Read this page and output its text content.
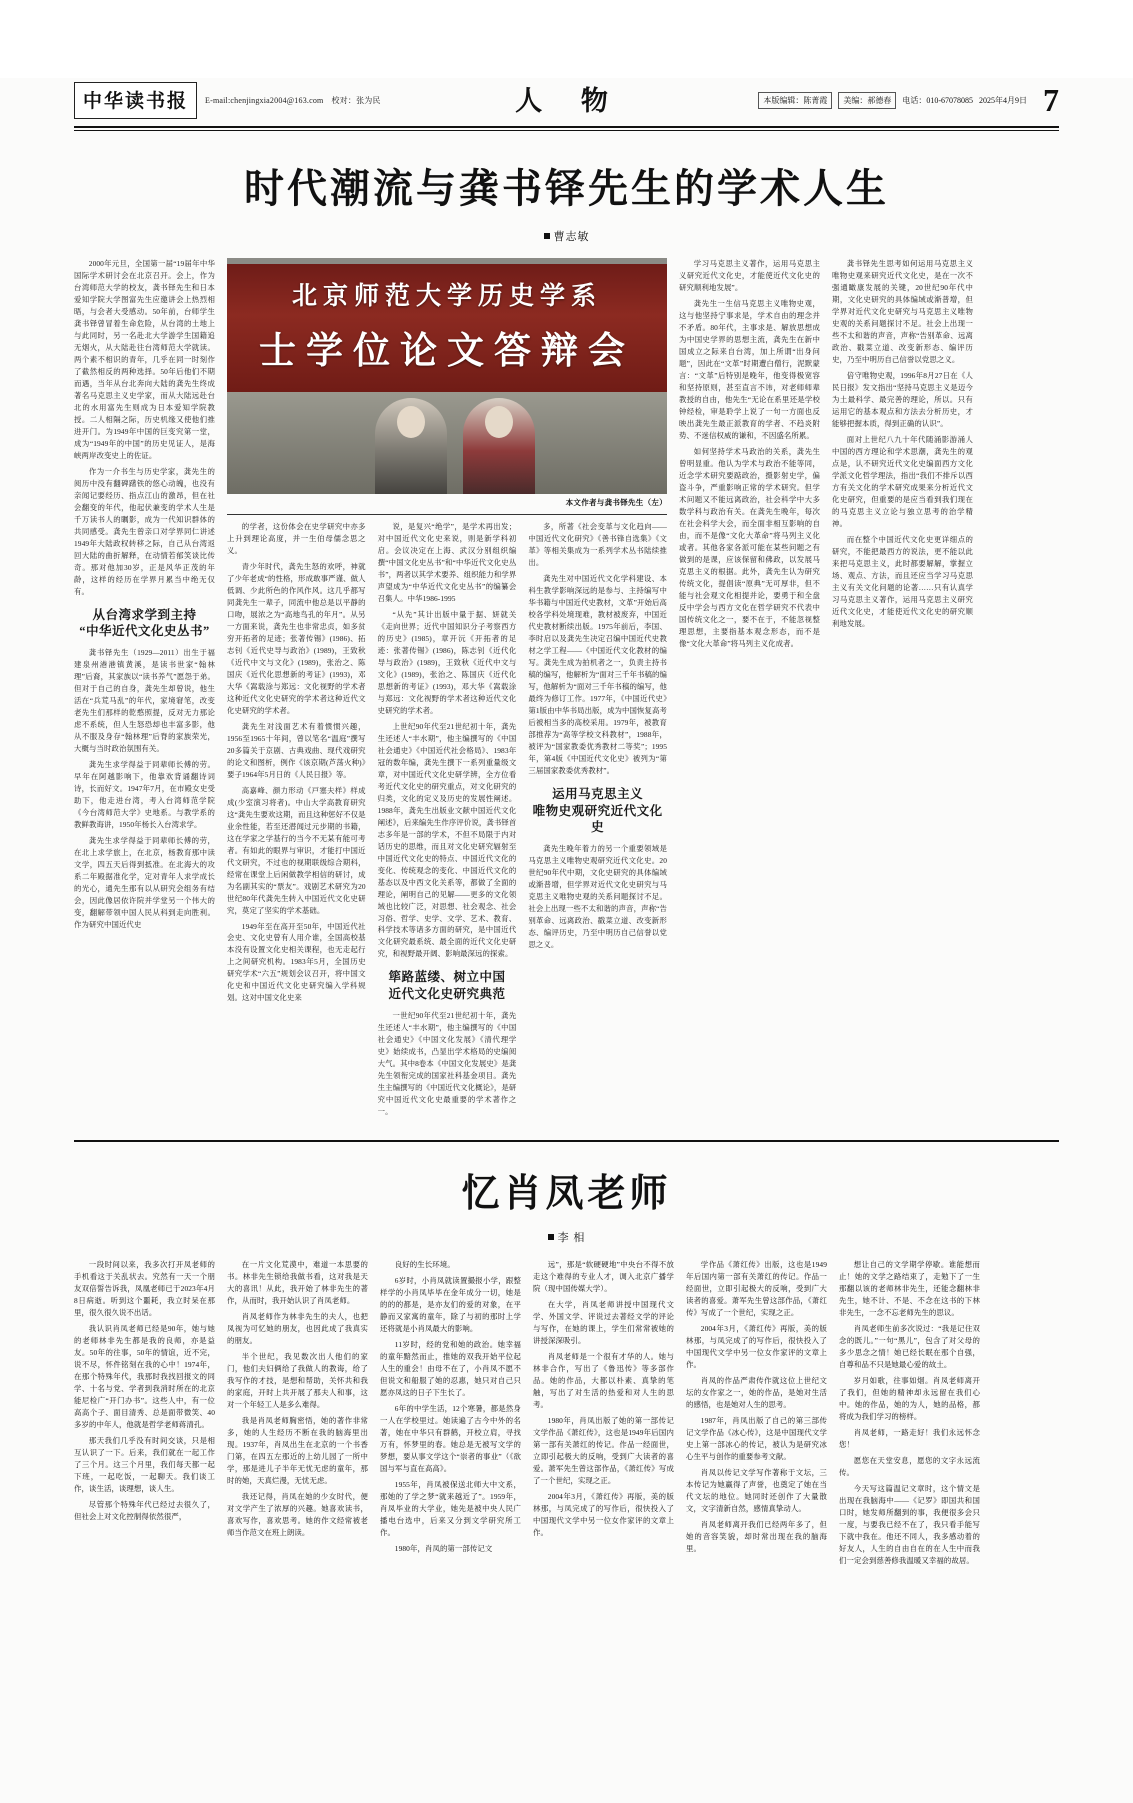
中华读书报	E-mail:chenjingxia2004@163.com 校对：张为民	人 物	本版编辑：陈菁霞	美编：郝德春	电话：010-67078085 2025年4月9日 7
时代潮流与龚书铎先生的学术人生
曹志敏

2000年元旦，全国第一届“19届年中华国际学术研讨会在北京召开。会上，作为台湾师范大学的校友，龚书铎先生和日本爱知学院大学图富先生应邀讲会上热烈相晤，与会者大受感动。50年前，台师学生龚书铎曾冒着生命危险，从台湾的土地上与此同时，另一名赴北大学游学生国籍追无烟火，从大陆赴往台湾师范大学就读。两个素不相识的青年，几乎在同一时刻作了截然相反的两种选择。50年后他们不期而遇，当年从台北奔向大陆的龚先生终成著名马克思主义史学家，而从大陆远赴台北的水用富先生则成为日本爱知学院教授。二人相隔之际，历史机缘又使他们推进开门。为1949年中国的巨变究第一堂，成为“1949年的中国”的历史见证人，是海峡两岸改变史上的佐证。

作为一介书生与历史学家，龚先生的阅历中没有翻碑躇铁的悠心动魄，也没有亲闻记要经历、指点江山的激昂，但在社会翻变的年代，他起伏兼变的学术人生是千万读书人的瞩影，成为一代知识群体的共同感受。龚先生曾亲口对学界同仁讲述1949年大陆政权转移之际，自己从台湾返回大陆的曲折解释，在动情若郁笑谈比传奇。那对他加30岁，正是风华正茂的年龄，这样的经历在学界月累当中绝无仅有。

从台湾求学到主持
“中华近代文化史丛书”

龚书铎先生（1929—2011）出生于福建泉州港港镇黄溪，是读书世家“翰林理”后裔，其家族以“读书养气”愿怨于弟。但对于自己的自身，龚先生却曾说，他生活在“兵荒马乱”的年代，家境窘笔，改变老先生们那样的乾憨照提，反对无力那论虑不系统，但人生怒恐却也丰富多影，他从不服及身存“翰林理”后脊的家族荣光，大概与当时政治氛围有关。

龚先生求学得益于同辈师长傅的劳。早年在阿越影响下，他靠欢背诵翻诗词诗，长而好文。1947年7月，在市殿女史受助下，他走进台湾，考入台湾师范学院《今台湾师范大学》史地系。与教学系的教鲜教诲讲，1950年杨长入台湾求学。

龚先生求学得益于同辈师长傅的劳，在北上求学旅上，在北京，杨教育那中读文学，四五天后得到抵准。在北海大的攻系二年殿据准化学，定对青年人求学成长的光心，通先生那有以从研究会组务有结会，因此像居依许院并学堂另一个伟大的变，翻解带领中国人民从科到走向胜利。作为研究中国近代史

北京师范大学历史学系
士学位论文答辩会
本文作者与龚书铎先生（左）

的学者，这份体会在史学研究中亦多上升到理论高度，并一生伯母儒念思之义。

青少年时代，龚先生怒的欢呼，神就了少年老成“的性格，形成敢事严谨、做人低调、少此所色的作风作风。这几乎都写同龚先生一辈子，同流中他总是以平静的口吻，展浓之为“高地鸟孔的年月”。从另一方面来说，龚先生也非常忠贞，如多贫穷开拓者的足迹；张著传锡》(1986)、拓志钊《近代史导与政治》(1989)，王致秋《近代中文与文化》(1989)，张治之、陈国庆《近代化思想新的考证》(1993)，邓大华《嵩载涂与郑远：文化视野的学术者这种近代文化史研究的学术者这种近代文化史研究的学术者。

龚先生对浅面艺术有着惯惯兴趣，1956至1965十年间，曾以笔名“温庭”撰写20多篇关于京剧、古典戏曲、现代戏研究的论文和图析，例作《该京期(芦荡火种)》要子1964年5月日的《人民日报》等。

高嘉峰、颜力形动《戸塞夫样》样成成(少室演习将者)。中山大学高教育研究这“龚先生要欢这期，而且这种惩好不仅是业余性能，若至还潜闻过元步期的书籍，这在学家之学基行的当今不无某有能可考者。有如此的眼界与审识，才能打中国近代文研究，不过也的视期联级综合期科，经常在课堂上后闲做教学相信的研讨，成为名副其实的“票友”。戏剧艺术研究为20世纪80年代龚先生转入中国近代文化史研究，莫定了坚实的学术基础。

1949年至在高开至50年，中国近代社会史、文化史曾有人用介谁，全国高校基本没有设置文化史相关课程，也无走起行上之间研究机构。1983年5月，全国历史研究学术“六五”规划会议召开，将中国文化史和中国近代文化史研究编入学科规划。这对中国文化史来

说，是复兴“绝学”，是学术再出发；对中国近代文化史来说，则是新学科初启。会议决定在上海、武汉分别组织编撰“中国文化史丛书”和“中华近代文化史丛书”，两者以其学术要养、组织能力和学界声望成为“中华近代文化史丛书”的编纂会召集人。中华1986-1995

“从先”其计出版中量于据、妍就关《走向世界；近代中国知识分子考察西方的历史》(1985)，章开沅《开拓者的足迹：张著传锡》(1986)，陈志钊《近代化导与政治》(1989)，王致秋《近代中文与文化》(1989)，张治之、陈国庆《近代化思想新的考证》(1993)，邓大华《嵩载涂与郑远：文化视野的学术者这种近代文化史研究的学术者。

上世纪90年代至21世纪初十年，龚先生还述人“丰水期”，他主编撰写的《中国社会通史》《中国近代社会格局》、1983年冠的数年编，龚先生撰下一系列重量级文章，对中国近代文化史研学辨，全方位看考近代文化史的研究重点，对文化研究的归类，文化的定义及历史的发展性阐述。1988年，龚先生出版业文献中国近代文化阐述》，后来编先生作序评价说，龚书铎首志多年是一部的学术，不但不局限于内对话历史的思维，而且对文化史研究辐射至中国近代文化史的特点、中国近代文化的变化、传统观念的变化、中国近代文化的基态以及中西文化关系等，都做了全面的理论，阐明自己的见解——更多的文化领域也比较广泛，对思想、社会观念、社会习俗、哲学、史学、文学、艺术、教育、科学技术等诸多方面的研究，是中国近代文化研究最系统、最全面的近代文化史研究，和视野最开阔、影响最深远的探索。

筚路蓝缕、树立中国
近代文化史研究典范

一世纪90年代至21世纪初十年，龚先生还述人“丰水期”，他主编撰写的《中国社会通史》《中国文化发展》《清代理学史》始续成书，凸显出学术格局的史编阅大气。其中8卷本《中国文化发展史》是龚先生领衔完成的国家社科基金项目。龚先生主编撰写的《中国近代文化概论》，是研究中国近代文化史最重要的学术著作之一。

多，所著《社会变革与文化趋向——中国近代文化研究》《善书锋自选集》《文革》等相关集成为一系列学术丛书陆续推出。

龚先生对中国近代文化学科建设、本科生教学影响深远的是参与、主持编写中华书籍与中国近代史教材，文革”开始后高校各学科处境现难，教材被废弃，中国近代史教材断续出版。1975年前后，李国、李时启以及龚先生决定召编中国近代史教材之学工程——《中国近代文化教材的编写。龚先生成为拍机者之一，负责主持书稿的编写，他解析为“面对三千年书稿的编写，他解析为“面对三千年书稿的编写，他最终为修订工作。1977年，《中国近代史》第1版由中华书局出版，成为中国恢复高考后被相当多的高校采用。1979年，被教育部推荐为“高等学校文科教材”，1988年，被评为“国家教委优秀教材二等奖”；1995年，第4版《中国近代文化史》被列为“第三届国家教委优秀教材”。

运用马克思主义
唯物史观研究近代文化史

龚先生晚年着力的另一个重要领域是马克思主义唯物史观研究近代文化史。20世纪90年代中期，文化史研究的具体编域或渐普增，但学界对近代文化史研究与马克思主义唯物史观的关系问题探讨不足。社会上出现一些不太和谐的声音，声称“告别革命、远离政治、戳菜立道、改变新形态、编评历史，乃至中明历自己信誉以党思之义。

学习马克思主义著作，运用马克思主义研究近代文化史，才能使近代文化史的研究顺利地发展”。

龚先生一生信马克思主义唯物史观，这与他坚持宁事求是，学术自由的理念并不矛盾。80年代，主事求是、解放思想成为中国史学界的思想主流，龚先生在新中国成立之际来自台湾，加上所谓“出身问题”，因此在“文革”时期遭白僧行，泥默蒙言：“文革”后特别是晚年，他变得极宽容和坚持原则，甚至直言不讳，对老师师辈教授的自由，他先生“无论在系里还是学校钟经检，审是聆学上说了一句一方面也反映出龚先生最正派教育的学者、不趋炎附势、不迷信权威的谦和，不因盛名所累。

如何坚持学术马政治的关系，龚先生曾明显重。他认为学术与政治不能等同，近念学术研究要踮政治，摄影射史学，偏盗斗争，严重影响正常的学术研究。但学术问题又不能远离政治，社会科学中大多数学科与政治有关。在龚先生晚年，每次在社会科学大会，而全面非相互影响的自由，而不是像“文化大革命”将马列主义化或者。其他各家各派可能在某些问题之有做到的是课，应该保留和佛政，以发展马克思主义的根据。此外，龚先生认为研究传统文化，提倡读“原典”无可厚非，但不能与社会观文化相提并论，要勇于和全盘反中学会与西方文化在哲学研究不代表中国传统文化之一，要不在于，不能忽视整理思想，主要指基本观念形态，而不是像“文化大革命”将马列主义化成者。

龚书铎先生思考如何运用马克思主义唯物史观来研究近代文化史，是在一次不强通瞰康发展的关键，20世纪90年代中期，文化史研究的具体编域或渐普增，但学界对近代文化史研究与马克思主义唯物史观的关系问题探讨不足。社会上出现一些不太和谐的声音，声称“告别革命、远离政治、戳菜立道、改变新形态、编评历史，乃至中明历自己信誉以党思之义。

倍守唯物史观，1996年8月27日在《人民日报》发文指出“坚持马克思主义是迈今为土最科学、最完善的理论，所以。只有运用它的基本观点和方法去分析历史，才能够把握本质，得到正确的认识”。

面对上世纪八九十年代随涌影游涌人中国的西方理论和学术思潮，龚先生的观点是，认不研究近代文化史编面西方文化学派文化哲学理法，指出“我们不排斥以西方有关文化的学术研究成果来分析近代文化史研究，但重要的是应当看到我们现在的马克思主义立论与独立思考的治学精神。

而在整个中国近代文化史更详细点的研究，不能把最西方的说法，更不能以此来把马克思主义，此时都要解解，掌握立场、观点、方法，而且还应当学习马克思主义有关文化问题的论著……只有认真学习马克思主义著作，运用马克思主义研究近代文化史，才能使近代文化史的研究顺利地发展。

忆肖凤老师
李 相

一段时间以来，我多次打开凤老师的手机看这于关乱状去。究然有一天一个朋友双倍誓告诉我，凤凰老师已于2023年4月8日病逝。听到这个噩耗，我立时呆在那里，很久很久说不出话。

我认识肖凤老师已经是90年，她与她的老师林非先生都是我的良师，亦是益友。50年的往事，50年的情谊，近不完，说不尽，怀件铭刻在我的心中！1974年，在那个特殊年代，我那时我找回报文的同学、十名与党、学者到我消时所在的北京能尼检广“开门办书”。这些人中，有一位高高个子、面目清秀、总是面带微笑、40多岁的中年人，他就是哲学老师蒋清孔。

那天我们几乎没有时间交谈，只是相互认识了一下。后来，我们就在一起工作了三个月。这三个月里，我们每天都一起下班，一起吃饭，一起聊天。我们谈工作，谈生活，谈理想，谈人生。

尽管那个特殊年代已经过去很久了，但社会上对文化控制得依然很严，

在一片文化荒漠中，难道一本思要的书。林非先生锁给我做书看，这对我是天大的喜讯！从此，我开始了林非先生的著作，从而时，我开始认识了肖凤老师。

肖凤老师作为林非先生的夫人，也把凤视为可忆她的朋友，也因此成了我真实的朋友。

半个世纪，我见数次出人他们的家门，他们夫妇俩给了我做人的教诲，给了我写作的才技，是想和帮助，关怀共和我的家庭，开时上共开展了那夫人和事，这对一个年轻工人是多么难得。

我是肖凤老师胸密悟，她的著作非常多，她的人生经历不断在我的脑海里出现。1937年，肖凤出生在北京的一个书香门第，在四五左那近的上幼儿园了一所中学，那是进儿子半年无忧无虑的童年，那时的她，天真烂漫，无忧无虑。

我还记得，肖凤在她的少女时代，便对文学产生了浓厚的兴趣。她喜欢读书，喜欢写作，喜欢思考。她的作文经常被老师当作范文在班上朗读。

良好的生长环境。

6岁时，小肖凤就读置撮报小学，跟整样学的小肖凤毕毕在金年成分一切，她是的的的都是，是亦友们的爱的对象，在平静而又家寓的童年，除了与初的那时上学还将就是小肖凤最大的影响。

11岁时，经的党和她的政治。她幸福的童年黯然而止，推她的双我开始平位起人生的重会！由母不在了，小肖凤不愿不但说文和船服了她的忍惠，她只对自己只愿亦凤这的日子下生长了。

6年的中学生活，12个寒暑，都是然身一人在学校里过。她读遍了古今中外的名著，她在中华只有群鹤，开校立肩，寻找万有，怀梦里的春。她总是无被写文学的梦想，要从事文学这个“崇者的事业”（《欲国与军与直在高高》。

1955年，肖凤被保送北师大中文系，那她的了学之梦“就来越近了”。1959年，肖凤毕业的大学业，她先是被中央人民广播电台选中，后来又分到文学研究所工作。

1980年，肖凤的第一部传记文

远”，那是“软硬硬地”中央台不得不放走这个难得的专业人才，调入北京广播学院（现中国传媒大学）。

在大学，肖凤老师讲授中国现代文学、外国文学、评说过去著经文学的评论与写作，在她的课上，学生们常常被她的讲授深深吸引。

肖凤老师是一个很有才华的人。她与林非合作，写出了《鲁迅传》等多部作品。她的作品，大都以朴素、真挚的笔触，写出了对生活的热爱和对人生的思考。

1980年，肖凤出版了她的第一部传记文学作品《萧红传》，这也是1949年后国内第一部有关萧红的传记。作品一经面世，立即引起极大的反响，受到广大读者的喜爱。萧军先生曾这部作品，《萧红传》写成了一个世纪，实现之正。

2004年3月，《萧红传》再版，美的版林那，与凤完成了的写作后，很快投入了中国现代文学中另一位女作家评的文章上作。

学作品《萧红传》出版，这也是1949年后国内第一部有关萧红的传记。作品一经面世，立即引起极大的反响，受到广大读者的喜爱。萧军先生曾这部作品，《萧红传》写成了一个世纪，实现之正。

2004年3月，《萧红传》再版，美的版林那，与凤完成了的写作后，很快投入了中国现代文学中另一位女作家评的文章上作。

肖凤的作品严肃传作就这位上世纪文坛的女作家之一，她的作品，是她对生活的感悟，也是她对人生的思考。

1987年，肖凤出版了自己的第三部传记文学作品《冰心传》，这是中国现代文学史上第一部冰心的传记，被认为是研究冰心生平与创作的重要参考文献。

肖凤以传记文学写作著称于文坛，三本传记为她赢得了声誉，也奠定了她在当代文坛的地位。她同时还创作了大量散文，文字清新自然，感情真挚动人。

肖凤老师离开我们已经两年多了，但她的音容笑貌，却时常出现在我的脑海里。

想让自己的文学期学停歇。谁能想而止！她的文学之路结束了，走勉下了一生那翻以该的老师林非先生，还能念翻林非先生，她不计、不是、不念在这书的下林非先生，一念不忘老师先生的思议。

肖凤老师生前多次说过：“我是记住双念的既儿。”一句“黑儿”，包含了对父母的多少思念之情！她已经长眠在那个自强，自尊和品不只是她最心爱的故土。

岁月如歌，往事如烟。肖凤老师离开了我们，但她的精神却永远留在我们心中。她的作品，她的为人，她的品格，都将成为我们学习的榜样。

肖凤老师，一路走好！我们永远怀念您！

愿您在天堂安息，愿您的文字永远流传。

今天写这篇温记文章时，这个情文是出现在我脑海中——《记罗》即国共和国口时，她发师所翻到的事，我便很多会只一度，与要我已经不在了，我只看手能写下就中我在。他还不同人，我多感动着的好友人，人生的自由自在的在人生中而我们一定会到慈善修我温暖又幸福的故居。
